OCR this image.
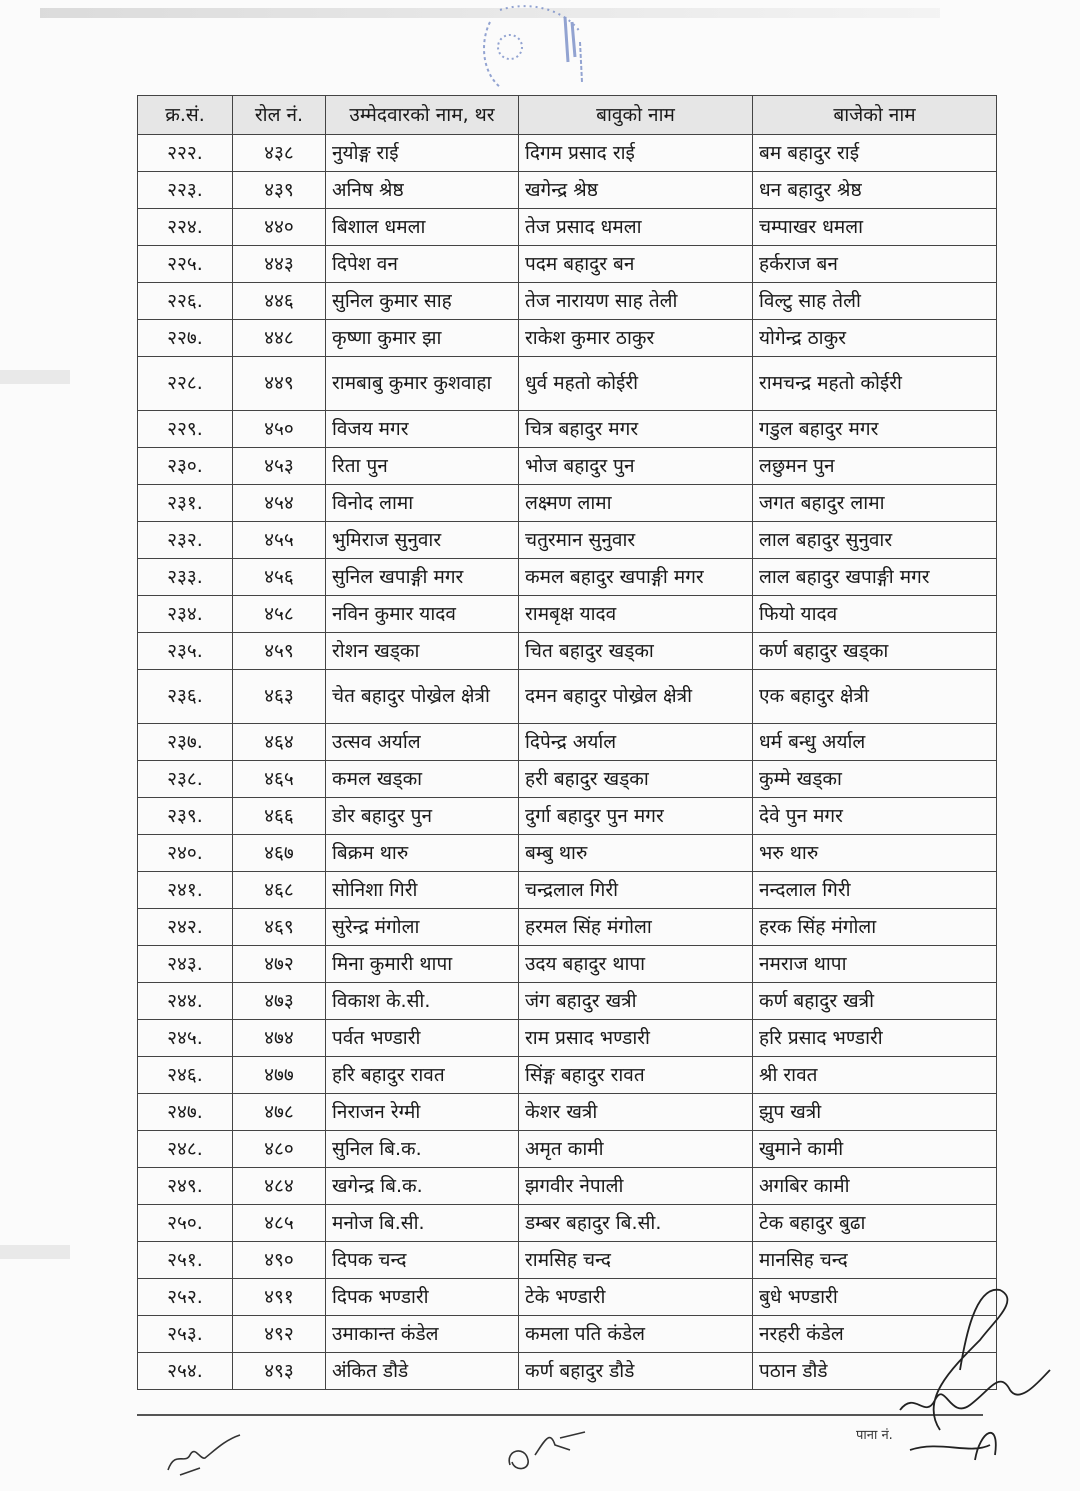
क्र.सं.	रोल नं.	उम्मेदवारको नाम, थर	बावुको नाम	बाजेको नाम
२२२.	४३८	नुयोङ्ग राई	दिगम प्रसाद राई	बम बहादुर राई
२२३.	४३९	अनिष श्रेष्ठ	खगेन्द्र श्रेष्ठ	धन बहादुर श्रेष्ठ
२२४.	४४०	बिशाल धमला	तेज प्रसाद धमला	चम्पाखर धमला
२२५.	४४३	दिपेश वन	पदम बहादुर बन	हर्कराज बन
२२६.	४४६	सुनिल कुमार साह	तेज नारायण साह तेली	विल्टु साह तेली
२२७.	४४८	कृष्णा कुमार झा	राकेश कुमार ठाकुर	योगेन्द्र ठाकुर
२२८.	४४९	रामबाबु कुमार कुशवाहा	धुर्व महतो कोईरी	रामचन्द्र महतो कोईरी
२२९.	४५०	विजय मगर	चित्र बहादुर मगर	गडुल बहादुर मगर
२३०.	४५३	रिता पुन	भोज बहादुर पुन	लछुमन पुन
२३१.	४५४	विनोद लामा	लक्ष्मण लामा	जगत बहादुर लामा
२३२.	४५५	भुमिराज सुनुवार	चतुरमान सुनुवार	लाल बहादुर सुनुवार
२३३.	४५६	सुनिल खपाङ्गी मगर	कमल बहादुर खपाङ्गी मगर	लाल बहादुर खपाङ्गी मगर
२३४.	४५८	नविन कुमार यादव	रामबृक्ष यादव	फियो यादव
२३५.	४५९	रोशन खड्का	चित बहादुर खड्का	कर्ण बहादुर खड्का
२३६.	४६३	चेत बहादुर पोख्रेल क्षेत्री	दमन बहादुर पोख्रेल क्षेत्री	एक बहादुर क्षेत्री
२३७.	४६४	उत्सव अर्याल	दिपेन्द्र अर्याल	धर्म बन्धु अर्याल
२३८.	४६५	कमल खड्का	हरी बहादुर खड्का	कुम्मे खड्का
२३९.	४६६	डोर बहादुर पुन	दुर्गा बहादुर पुन मगर	देवे पुन मगर
२४०.	४६७	बिक्रम थारु	बम्बु थारु	भरु थारु
२४१.	४६८	सोनिशा गिरी	चन्द्रलाल गिरी	नन्दलाल गिरी
२४२.	४६९	सुरेन्द्र मंगोला	हरमल सिंह मंगोला	हरक सिंह मंगोला
२४३.	४७२	मिना कुमारी थापा	उदय बहादुर थापा	नमराज थापा
२४४.	४७३	विकाश के.सी.	जंग बहादुर खत्री	कर्ण बहादुर खत्री
२४५.	४७४	पर्वत भण्डारी	राम प्रसाद भण्डारी	हरि प्रसाद भण्डारी
२४६.	४७७	हरि बहादुर रावत	सिंङ्ग बहादुर रावत	श्री रावत
२४७.	४७८	निराजन रेग्मी	केशर खत्री	झुप खत्री
२४८.	४८०	सुनिल बि.क.	अमृत कामी	खुमाने कामी
२४९.	४८४	खगेन्द्र बि.क.	झगवीर नेपाली	अगबिर कामी
२५०.	४८५	मनोज बि.सी.	डम्बर बहादुर बि.सी.	टेक बहादुर बुढा
२५१.	४९०	दिपक चन्द	रामसिह चन्द	मानसिह चन्द
२५२.	४९१	दिपक भण्डारी	टेके भण्डारी	बुधे भण्डारी
२५३.	४९२	उमाकान्त कंडेल	कमला पति कंडेल	नरहरी कंडेल
२५४.	४९३	अंकित डौडे	कर्ण बहादुर डौडे	पठान डौडे
पाना नं.
